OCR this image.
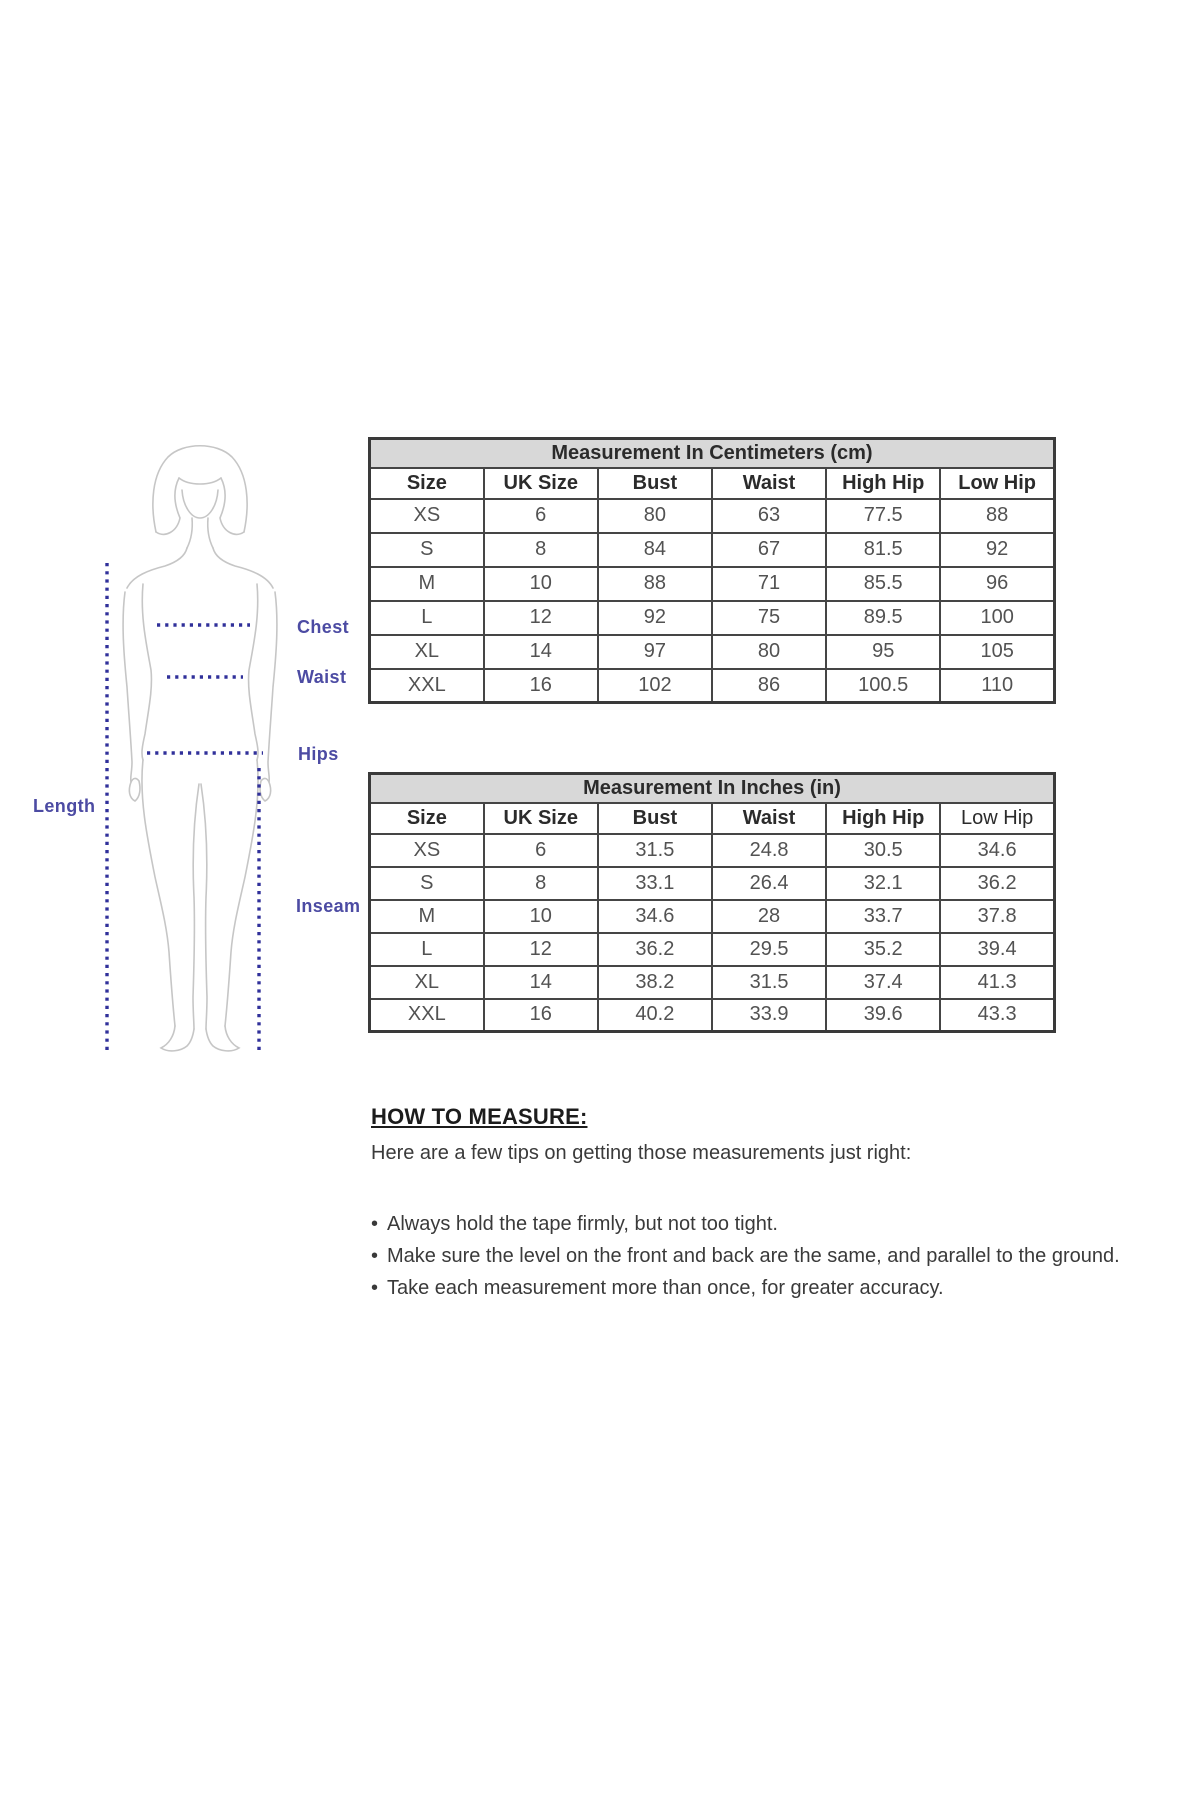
Length
Chest
Waist
Hips
Inseam
Measurement In Centimeters (cm)					
Size	UK Size	Bust	Waist	High Hip	Low Hip
XS	6	80	63	77.5	88
S	8	84	67	81.5	92
M	10	88	71	85.5	96
L	12	92	75	89.5	100
XL	14	97	80	95	105
XXL	16	102	86	100.5	110
Measurement In Inches (in)					
Size	UK Size	Bust	Waist	High Hip	Low Hip
XS	6	31.5	24.8	30.5	34.6
S	8	33.1	26.4	32.1	36.2
M	10	34.6	28	33.7	37.8
L	12	36.2	29.5	35.2	39.4
XL	14	38.2	31.5	37.4	41.3
XXL	16	40.2	33.9	39.6	43.3
HOW TO MEASURE:
Here are a few tips on getting those measurements just right:
• Always hold the tape firmly, but not too tight.
• Make sure the level on the front and back are the same, and parallel to the ground.
• Take each measurement more than once, for greater accuracy.
